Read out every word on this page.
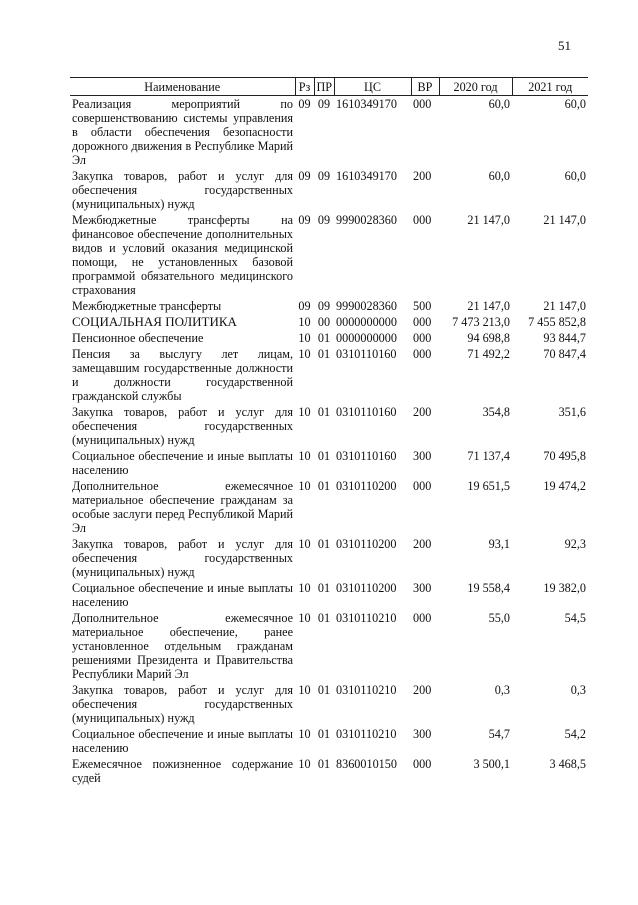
51
Наименование	Рз	ПР	ЦС	ВР	2020 год	2021 год
Реализация мероприятий по совершенствованию системы управления в области обеспечения безопасности дорожного движения в Республике Марий Эл	09	09	1610349170	000	60,0	60,0
Закупка товаров, работ и услуг для обеспечения государственных (муниципальных) нужд	09	09	1610349170	200	60,0	60,0
Межбюджетные трансферты на финансовое обеспечение дополнительных видов и условий оказания медицинской помощи, не установленных базовой программой обязательного медицинского страхования	09	09	9990028360	000	21 147,0	21 147,0
Межбюджетные трансферты	09	09	9990028360	500	21 147,0	21 147,0
СОЦИАЛЬНАЯ ПОЛИТИКА	10	00	0000000000	000	7 473 213,0	7 455 852,8
Пенсионное обеспечение	10	01	0000000000	000	94 698,8	93 844,7
Пенсия за выслугу лет лицам, замещавшим государственные должности и должности государственной гражданской службы	10	01	0310110160	000	71 492,2	70 847,4
Закупка товаров, работ и услуг для обеспечения государственных (муниципальных) нужд	10	01	0310110160	200	354,8	351,6
Социальное обеспечение и иные выплаты населению	10	01	0310110160	300	71 137,4	70 495,8
Дополнительное ежемесячное материальное обеспечение гражданам за особые заслуги перед Республикой Марий Эл	10	01	0310110200	000	19 651,5	19 474,2
Закупка товаров, работ и услуг для обеспечения государственных (муниципальных) нужд	10	01	0310110200	200	93,1	92,3
Социальное обеспечение и иные выплаты населению	10	01	0310110200	300	19 558,4	19 382,0
Дополнительное ежемесячное материальное обеспечение, ранее установленное отдельным гражданам решениями Президента и Правительства Республики Марий Эл	10	01	0310110210	000	55,0	54,5
Закупка товаров, работ и услуг для обеспечения государственных (муниципальных) нужд	10	01	0310110210	200	0,3	0,3
Социальное обеспечение и иные выплаты населению	10	01	0310110210	300	54,7	54,2
Ежемесячное пожизненное содержание судей	10	01	8360010150	000	3 500,1	3 468,5
